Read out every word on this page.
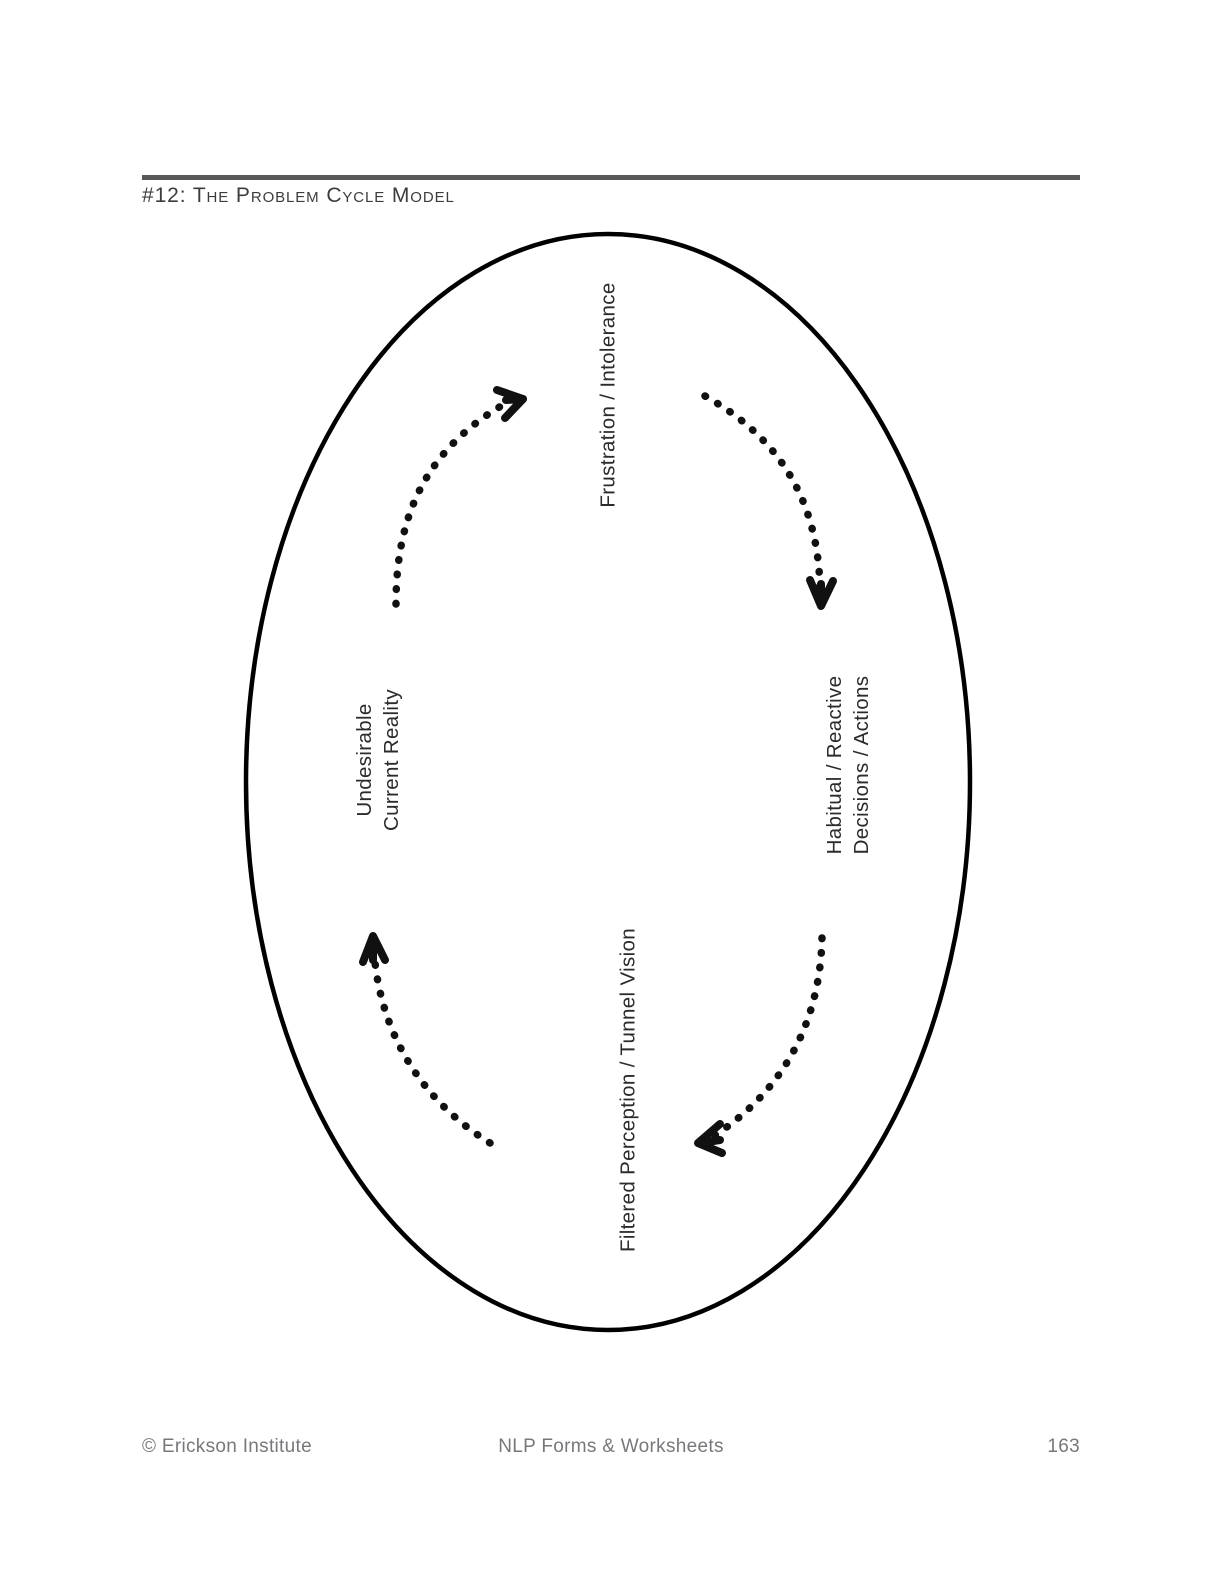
#12: The Problem Cycle Model
Frustration / Intolerance
Habitual / Reactive Decisions / Actions
Filtered Perception / Tunnel Vision
Undesirable Current Reality
© Erickson Institute	NLP Forms & Worksheets	163
